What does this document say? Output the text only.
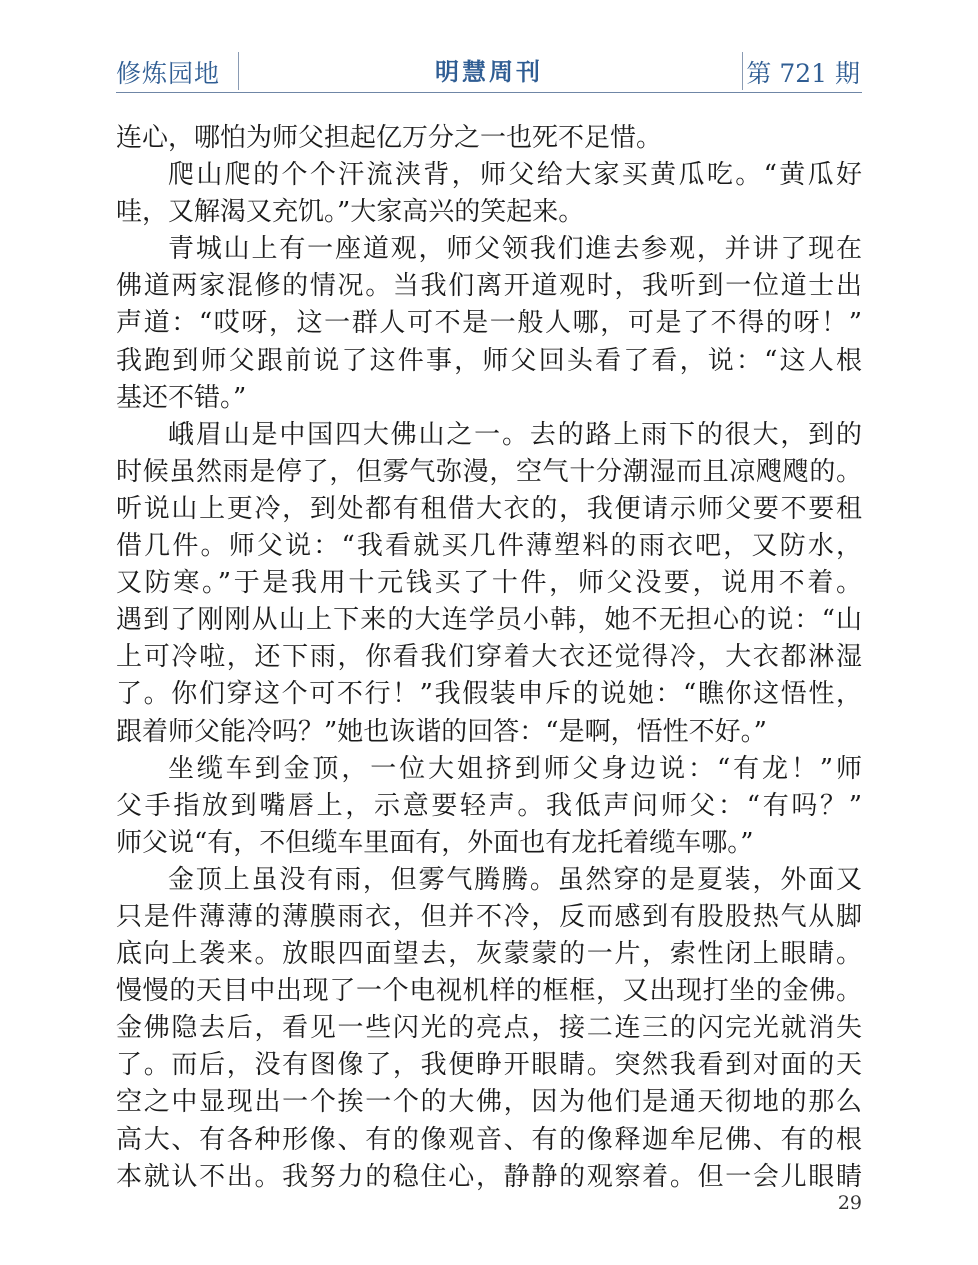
修炼园地	明慧周刊	第 721 期
连心，哪怕为师父担起亿万分之一也死不足惜。
爬山爬的个个汗流浃背，师父给大家买黄瓜吃。“黄瓜好
哇，又解渴又充饥。”大家高兴的笑起来。
青城山上有一座道观，师父领我们進去参观，并讲了现在
佛道两家混修的情况。当我们离开道观时，我听到一位道士出
声道：“哎呀，这一群人可不是一般人哪，可是了不得的呀！”
我跑到师父跟前说了这件事，师父回头看了看，说：“这人根
基还不错。”
峨眉山是中国四大佛山之一。去的路上雨下的很大，到的
时候虽然雨是停了，但雾气弥漫，空气十分潮湿而且凉飕飕的。
听说山上更冷，到处都有租借大衣的，我便请示师父要不要租
借几件。师父说：“我看就买几件薄塑料的雨衣吧，又防水，
又防寒。”于是我用十元钱买了十件，师父没要，说用不着。
遇到了刚刚从山上下来的大连学员小韩，她不无担心的说：“山
上可冷啦，还下雨，你看我们穿着大衣还觉得冷，大衣都淋湿
了。你们穿这个可不行！”我假装申斥的说她：“瞧你这悟性，
跟着师父能冷吗？”她也诙谐的回答：“是啊，悟性不好。”
坐缆车到金顶，一位大姐挤到师父身边说：“有龙！”师
父手指放到嘴唇上，示意要轻声。我低声问师父：“有吗？”
师父说“有，不但缆车里面有，外面也有龙托着缆车哪。”
金顶上虽没有雨，但雾气腾腾。虽然穿的是夏装，外面又
只是件薄薄的薄膜雨衣，但并不冷，反而感到有股股热气从脚
底向上袭来。放眼四面望去，灰蒙蒙的一片，索性闭上眼睛。
慢慢的天目中出现了一个电视机样的框框，又出现打坐的金佛。
金佛隐去后，看见一些闪光的亮点，接二连三的闪完光就消失
了。而后，没有图像了，我便睁开眼睛。突然我看到对面的天
空之中显现出一个挨一个的大佛，因为他们是通天彻地的那么
高大、有各种形像、有的像观音、有的像释迦牟尼佛、有的根
本就认不出。我努力的稳住心，静静的观察着。但一会儿眼睛
29
